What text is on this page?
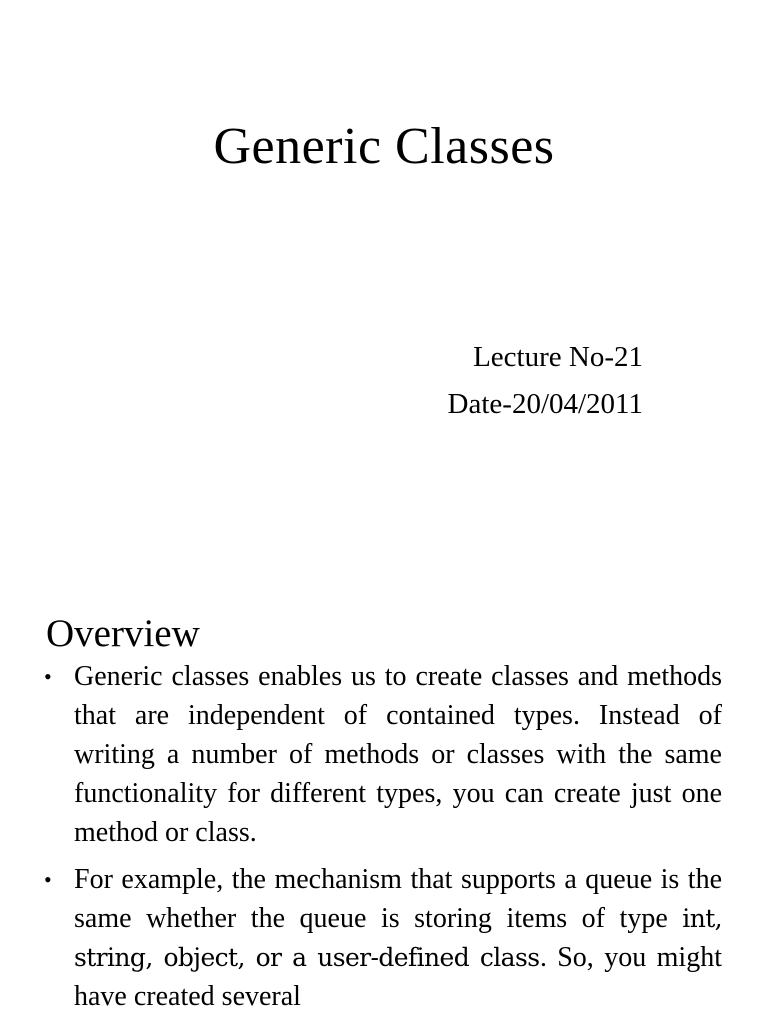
Generic Classes
Lecture No-21
Date-20/04/2011
Overview
• Generic classes enables us to create classes and methods that are independent of contained types. Instead of writing a number of methods or classes with the same functionality for different types, you can create just one method or class.
• For example, the mechanism that supports a queue is the same whether the queue is storing items of type int, string, object, or a user-defined class. So, you might have created several
